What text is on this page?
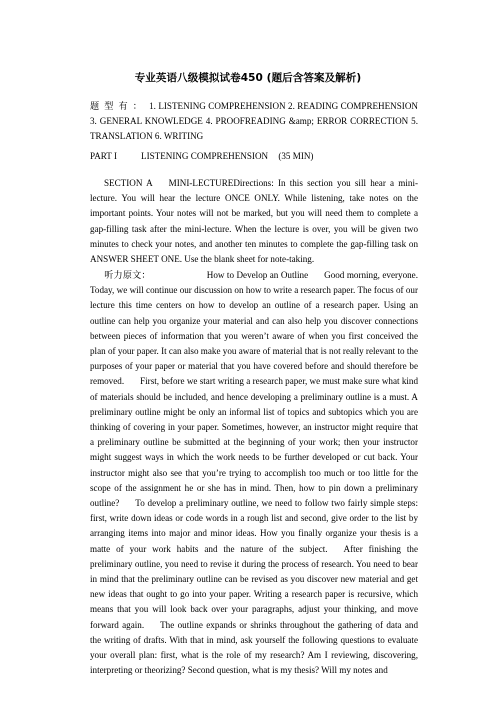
专业英语八级模拟试卷450 (题后含答案及解析)
题型有： 1. LISTENING COMPREHENSION 2. READING COMPREHENSION 3. GENERAL KNOWLEDGE 4. PROOFREADING &amp; ERROR CORRECTION 5. TRANSLATION 6. WRITING
PART I	LISTENING COMPREHENSION (35 MIN)
SECTION A MINI-LECTUREDirections: In this section you sill hear a mini-lecture. You will hear the lecture ONCE ONLY. While listening, take notes on the important points. Your notes will not be marked, but you will need them to complete a gap-filling task after the mini-lecture. When the lecture is over, you will be given two minutes to check your notes, and another ten minutes to complete the gap-filling task on ANSWER SHEET ONE. Use the blank sheet for note-taking.
听力原文：	How to Develop an Outline Good morning, everyone. Today, we will continue our discussion on how to write a research paper. The focus of our lecture this time centers on how to develop an outline of a research paper. Using an outline can help you organize your material and can also help you discover connections between pieces of information that you weren’t aware of when you first conceived the plan of your paper. It can also make you aware of material that is not really relevant to the purposes of your paper or material that you have covered before and should therefore be removed. First, before we start writing a research paper, we must make sure what kind of materials should be included, and hence developing a preliminary outline is a must. A preliminary outline might be only an informal list of topics and subtopics which you are thinking of covering in your paper. Sometimes, however, an instructor might require that a preliminary outline be submitted at the beginning of your work; then your instructor might suggest ways in which the work needs to be further developed or cut back. Your instructor might also see that you’re trying to accomplish too much or too little for the scope of the assignment he or she has in mind. Then, how to pin down a preliminary outline? To develop a preliminary outline, we need to follow two fairly simple steps: first, write down ideas or code words in a rough list and second, give order to the list by arranging items into major and minor ideas. How you finally organize your thesis is a matte of your work habits and the nature of the subject. After finishing the preliminary outline, you need to revise it during the process of research. You need to bear in mind that the preliminary outline can be revised as you discover new material and get new ideas that ought to go into your paper. Writing a research paper is recursive, which means that you will look back over your paragraphs, adjust your thinking, and move forward again. The outline expands or shrinks throughout the gathering of data and the writing of drafts. With that in mind, ask yourself the following questions to evaluate your overall plan: first, what is the role of my research? Am I reviewing, discovering, interpreting or theorizing? Second question, what is my thesis? Will my notes and
